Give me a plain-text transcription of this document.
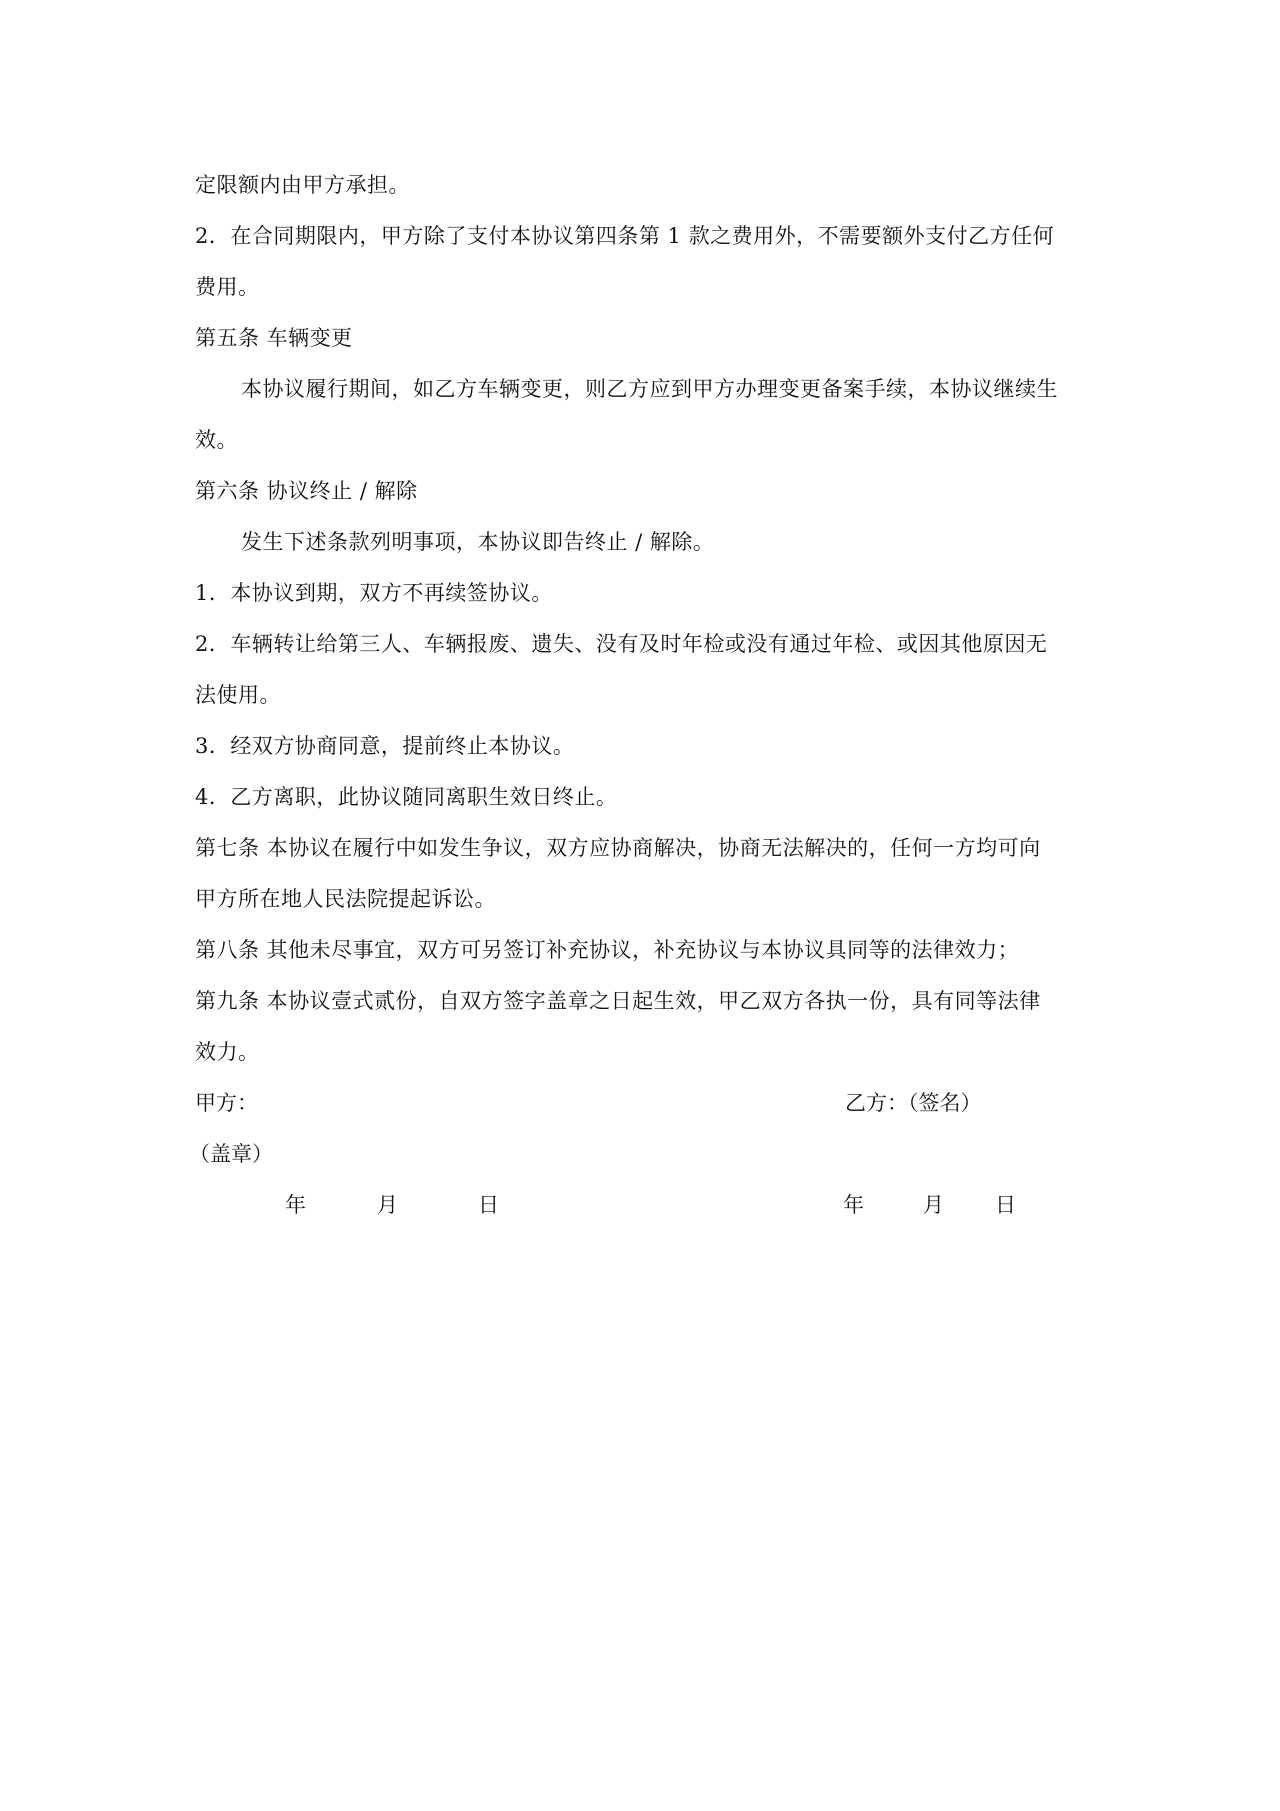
定限额内由甲方承担。
2．在合同期限内，甲方除了支付本协议第四条第 1 款之费用外，不需要额外支付乙方任何
费用。
第五条 车辆变更
本协议履行期间，如乙方车辆变更，则乙方应到甲方办理变更备案手续，本协议继续生
效。
第六条 协议终止 / 解除
发生下述条款列明事项，本协议即告终止 / 解除。
1．本协议到期，双方不再续签协议。
2．车辆转让给第三人、车辆报废、遗失、没有及时年检或没有通过年检、或因其他原因无
法使用。
3．经双方协商同意，提前终止本协议。
4．乙方离职，此协议随同离职生效日终止。
第七条 本协议在履行中如发生争议，双方应协商解决，协商无法解决的，任何一方均可向
甲方所在地人民法院提起诉讼。
第八条 其他未尽事宜，双方可另签订补充协议，补充协议与本协议具同等的法律效力；
第九条 本协议壹式贰份，自双方签字盖章之日起生效，甲乙双方各执一份，具有同等法律
效力。
甲方：	乙方：（签名）
（盖章）
年	月	日	年	月 日
